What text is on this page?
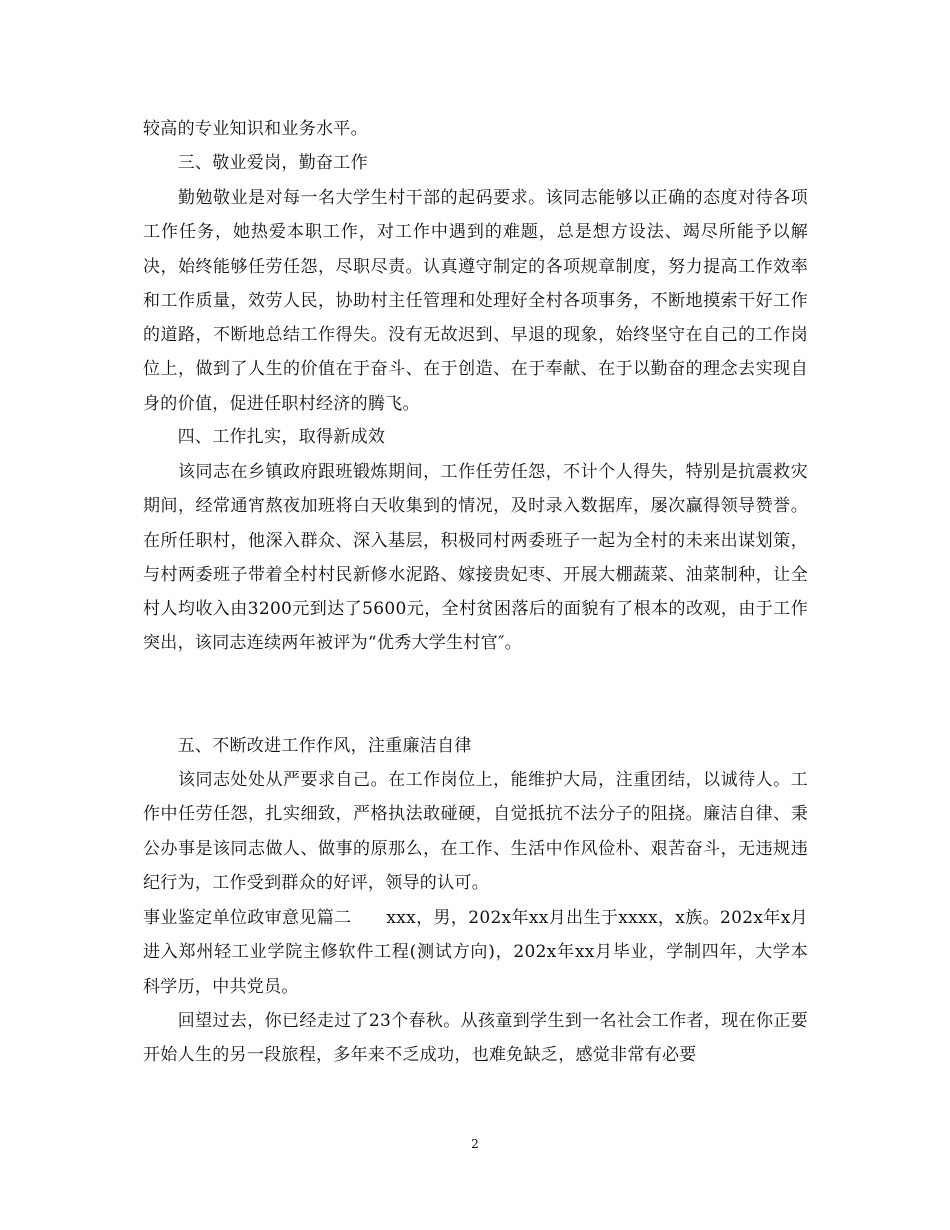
较高的专业知识和业务水平。

　　三、敬业爱岗，勤奋工作

　　勤勉敬业是对每一名大学生村干部的起码要求。该同志能够以正确的态度对待各项工作任务，她热爱本职工作，对工作中遇到的难题，总是想方设法、竭尽所能予以解决，始终能够任劳任怨，尽职尽责。认真遵守制定的各项规章制度，努力提高工作效率和工作质量，效劳人民，协助村主任管理和处理好全村各项事务，不断地摸索干好工作的道路，不断地总结工作得失。没有无故迟到、早退的现象，始终坚守在自己的工作岗位上，做到了人生的价值在于奋斗、在于创造、在于奉献、在于以勤奋的理念去实现自身的价值，促进任职村经济的腾飞。

　　四、工作扎实，取得新成效

　　该同志在乡镇政府跟班锻炼期间，工作任劳任怨，不计个人得失，特别是抗震救灾期间，经常通宵熬夜加班将白天收集到的情况，及时录入数据库，屡次赢得领导赞誉。在所任职村，他深入群众、深入基层，积极同村两委班子一起为全村的未来出谋划策，与村两委班子带着全村村民新修水泥路、嫁接贵妃枣、开展大棚蔬菜、油菜制种，让全村人均收入由3200元到达了5600元，全村贫困落后的面貌有了根本的改观，由于工作突出，该同志连续两年被评为“优秀大学生村官″。

　　五、不断改进工作作风，注重廉洁自律

　　该同志处处从严要求自己。在工作岗位上，能维护大局，注重团结，以诚待人。工作中任劳任怨，扎实细致，严格执法敢碰硬，自觉抵抗不法分子的阻挠。廉洁自律、秉公办事是该同志做人、做事的原那么，在工作、生活中作风俭朴、艰苦奋斗，无违规违纪行为，工作受到群众的好评，领导的认可。

事业鉴定单位政审意见篇二　　xxx，男，202x年xx月出生于xxxx，x族。202x年x月进入郑州轻工业学院主修软件工程(测试方向)，202x年xx月毕业，学制四年，大学本科学历，中共党员。

　　回望过去，你已经走过了23个春秋。从孩童到学生到一名社会工作者，现在你正要开始人生的另一段旅程，多年来不乏成功，也难免缺乏，感觉非常有必要

2
